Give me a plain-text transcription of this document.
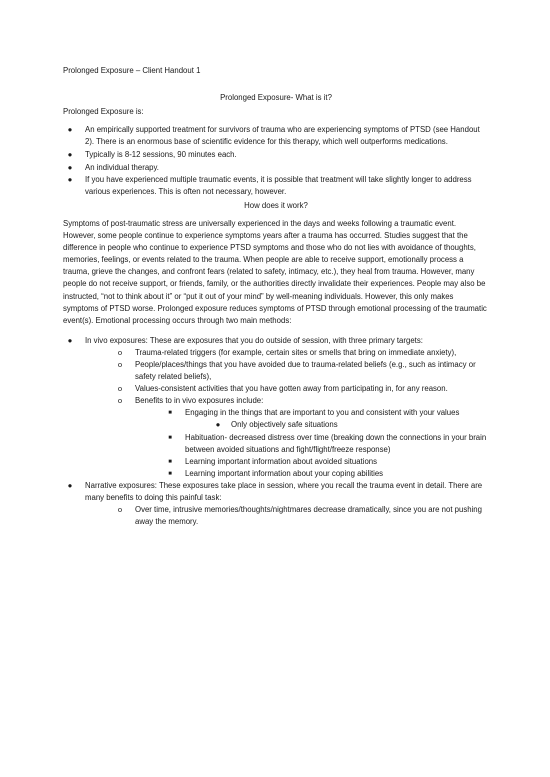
Prolonged Exposure – Client Handout 1
Prolonged Exposure- What is it?
Prolonged Exposure is:
●	An empirically supported treatment for survivors of trauma who are experiencing symptoms of PTSD (see Handout 2). There is an enormous base of scientific evidence for this therapy, which well outperforms medications.
●	Typically is 8-12 sessions, 90 minutes each.
●	An individual therapy.
●	If you have experienced multiple traumatic events, it is possible that treatment will take slightly longer to address various experiences. This is often not necessary, however.
How does it work?
Symptoms of post-traumatic stress are universally experienced in the days and weeks following a traumatic event. However, some people continue to experience symptoms years after a trauma has occurred. Studies suggest that the difference in people who continue to experience PTSD symptoms and those who do not lies with avoidance of thoughts, memories, feelings, or events related to the trauma. When people are able to receive support, emotionally process a trauma, grieve the changes, and confront fears (related to safety, intimacy, etc.), they heal from trauma. However, many people do not receive support, or friends, family, or the authorities directly invalidate their experiences. People may also be instructed, “not to think about it” or “put it out of your mind” by well-meaning individuals. However, this only makes symptoms of PTSD worse. Prolonged exposure reduces symptoms of PTSD through emotional processing of the traumatic event(s). Emotional processing occurs through two main methods:
●	In vivo exposures: These are exposures that you do outside of session, with three primary targets:
o	Trauma-related triggers (for example, certain sites or smells that bring on immediate anxiety),
o	People/places/things that you have avoided due to trauma-related beliefs (e.g., such as intimacy or safety related beliefs),
o	Values-consistent activities that you have gotten away from participating in, for any reason.
o	Benefits to in vivo exposures include:
■	Engaging in the things that are important to you and consistent with your values
●	Only objectively safe situations
■	Habituation- decreased distress over time (breaking down the connections in your brain between avoided situations and fight/flight/freeze response)
■	Learning important information about avoided situations
■	Learning important information about your coping abilities
●	Narrative exposures: These exposures take place in session, where you recall the trauma event in detail. There are many benefits to doing this painful task:
o	Over time, intrusive memories/thoughts/nightmares decrease dramatically, since you are not pushing away the memory.
